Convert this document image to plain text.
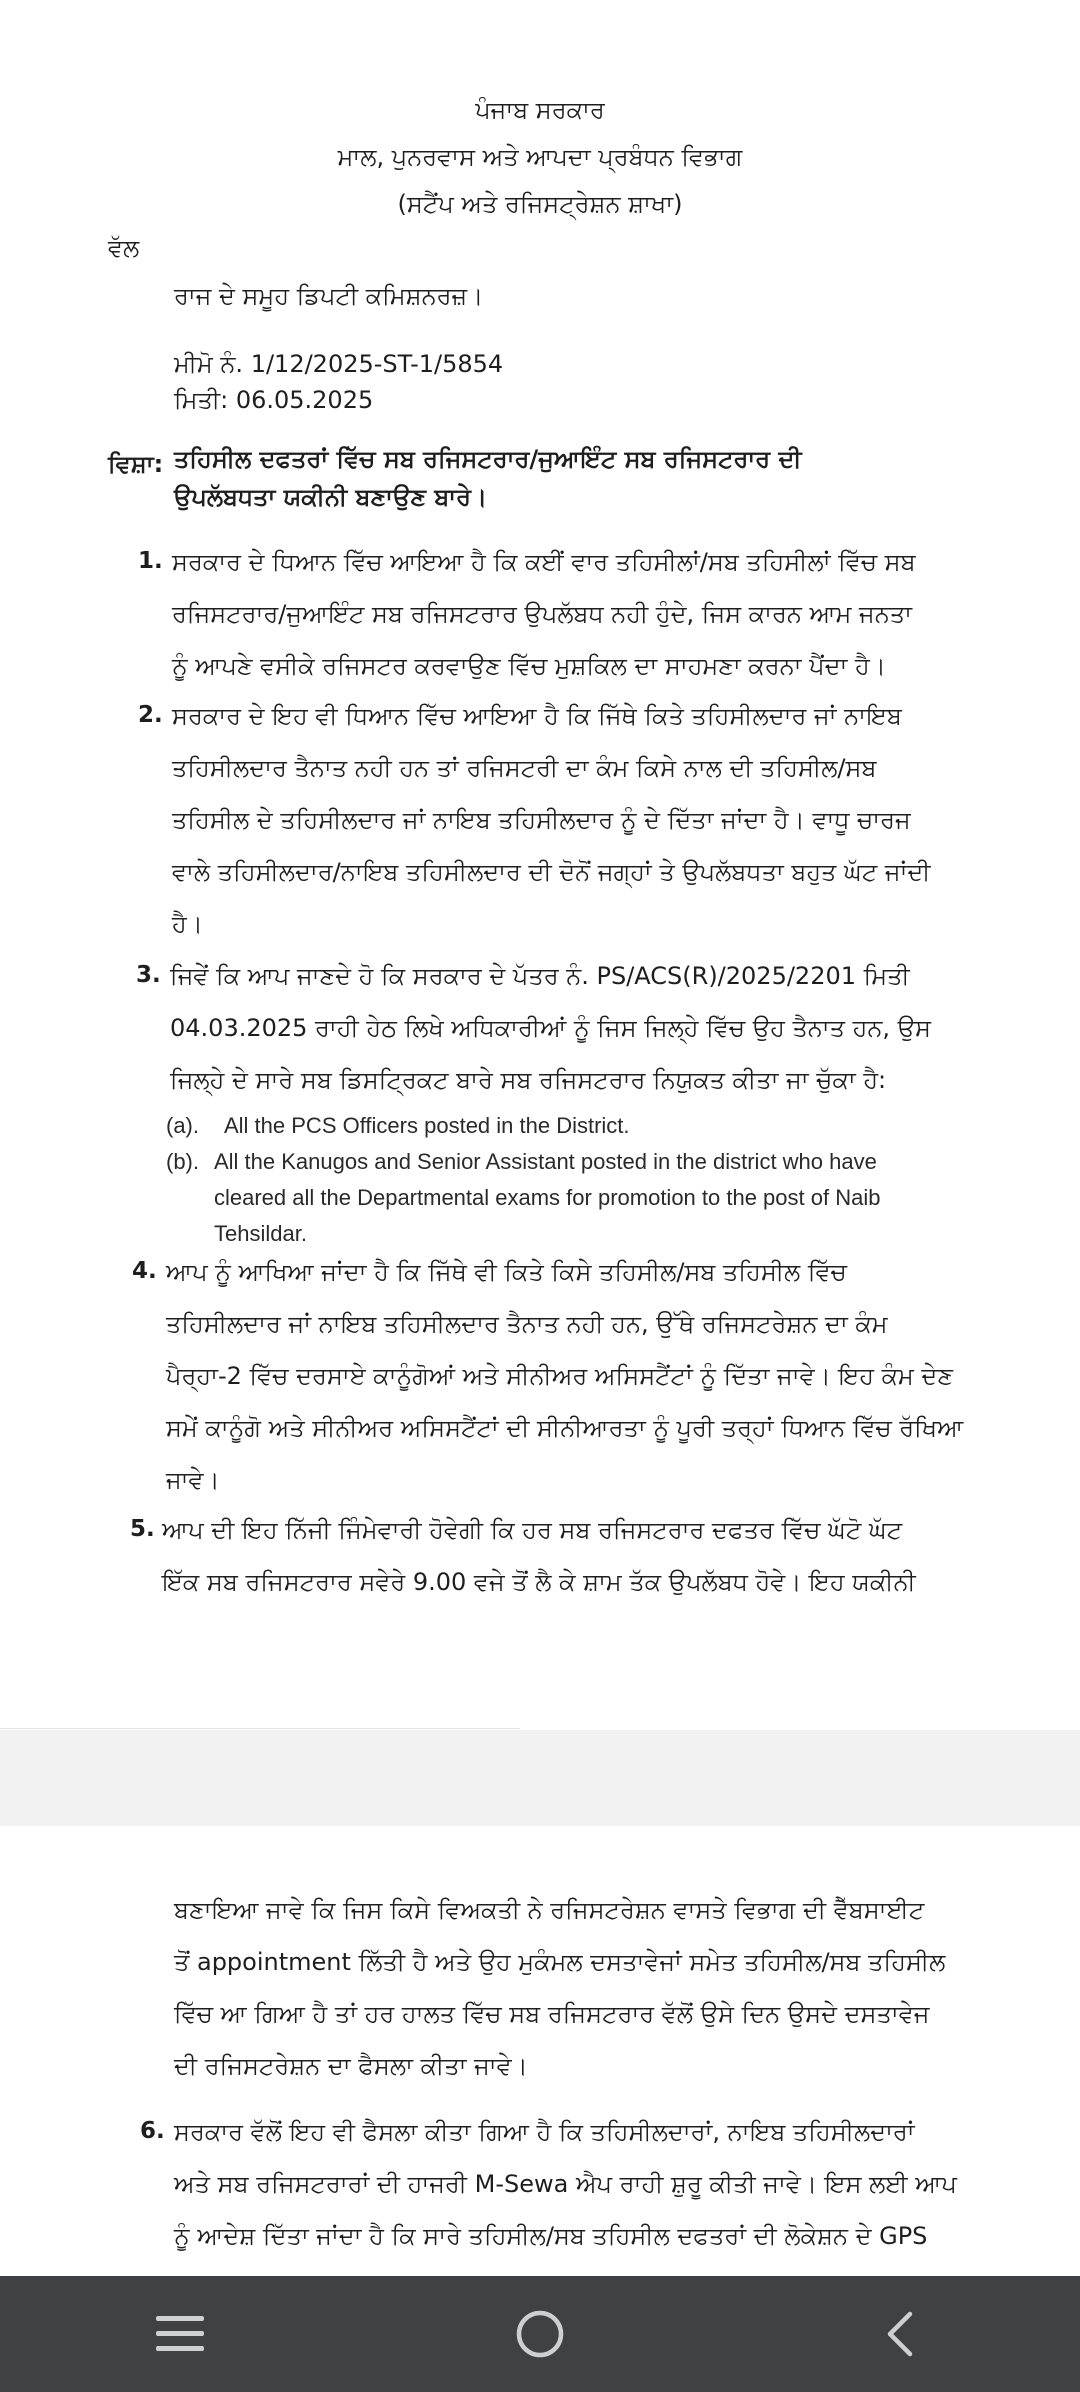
ਪੰਜਾਬ ਸਰਕਾਰ
ਮਾਲ, ਪੁਨਰਵਾਸ ਅਤੇ ਆਪਦਾ ਪ੍ਰਬੰਧਨ ਵਿਭਾਗ
(ਸਟੈਂਪ ਅਤੇ ਰਜਿਸਟ੍ਰੇਸ਼ਨ ਸ਼ਾਖਾ)
ਵੱਲ
ਰਾਜ ਦੇ ਸਮੂਹ ਡਿਪਟੀ ਕਮਿਸ਼ਨਰਜ਼।
ਮੀਮੋ ਨੰ. 1/12/2025-ST-1/5854
ਮਿਤੀ: 06.05.2025
ਵਿਸ਼ਾ: ਤਹਿਸੀਲ ਦਫਤਰਾਂ ਵਿੱਚ ਸਬ ਰਜਿਸਟਰਾਰ/ਜੁਆਇੰਟ ਸਬ ਰਜਿਸਟਰਾਰ ਦੀ
ਉਪਲੱਬਧਤਾ ਯਕੀਨੀ ਬਣਾਉਣ ਬਾਰੇ।
1. ਸਰਕਾਰ ਦੇ ਧਿਆਨ ਵਿੱਚ ਆਇਆ ਹੈ ਕਿ ਕਈਂ ਵਾਰ ਤਹਿਸੀਲਾਂ/ਸਬ ਤਹਿਸੀਲਾਂ ਵਿੱਚ ਸਬ
ਰਜਿਸਟਰਾਰ/ਜੁਆਇੰਟ ਸਬ ਰਜਿਸਟਰਾਰ ਉਪਲੱਬਧ ਨਹੀ ਹੁੰਦੇ, ਜਿਸ ਕਾਰਨ ਆਮ ਜਨਤਾ
ਨੂੰ ਆਪਣੇ ਵਸੀਕੇ ਰਜਿਸਟਰ ਕਰਵਾਉਣ ਵਿੱਚ ਮੁਸ਼ਕਿਲ ਦਾ ਸਾਹਮਣਾ ਕਰਨਾ ਪੈਂਦਾ ਹੈ।
2. ਸਰਕਾਰ ਦੇ ਇਹ ਵੀ ਧਿਆਨ ਵਿੱਚ ਆਇਆ ਹੈ ਕਿ ਜਿੱਥੇ ਕਿਤੇ ਤਹਿਸੀਲਦਾਰ ਜਾਂ ਨਾਇਬ
ਤਹਿਸੀਲਦਾਰ ਤੈਨਾਤ ਨਹੀ ਹਨ ਤਾਂ ਰਜਿਸਟਰੀ ਦਾ ਕੰਮ ਕਿਸੇ ਨਾਲ ਦੀ ਤਹਿਸੀਲ/ਸਬ
ਤਹਿਸੀਲ ਦੇ ਤਹਿਸੀਲਦਾਰ ਜਾਂ ਨਾਇਬ ਤਹਿਸੀਲਦਾਰ ਨੂੰ ਦੇ ਦਿੱਤਾ ਜਾਂਦਾ ਹੈ। ਵਾਧੂ ਚਾਰਜ
ਵਾਲੇ ਤਹਿਸੀਲਦਾਰ/ਨਾਇਬ ਤਹਿਸੀਲਦਾਰ ਦੀ ਦੋਨੋਂ ਜਗ੍ਹਾਂ ਤੇ ਉਪਲੱਬਧਤਾ ਬਹੁਤ ਘੱਟ ਜਾਂਦੀ
ਹੈ।
3. ਜਿਵੇਂ ਕਿ ਆਪ ਜਾਣਦੇ ਹੋ ਕਿ ਸਰਕਾਰ ਦੇ ਪੱਤਰ ਨੰ. PS/ACS(R)/2025/2201 ਮਿਤੀ
04.03.2025 ਰਾਹੀ ਹੇਠ ਲਿਖੇ ਅਧਿਕਾਰੀਆਂ ਨੂੰ ਜਿਸ ਜਿਲ੍ਹੇ ਵਿੱਚ ਉਹ ਤੈਨਾਤ ਹਨ, ਉਸ
ਜਿਲ੍ਹੇ ਦੇ ਸਾਰੇ ਸਬ ਡਿਸਟ੍ਰਿਕਟ ਬਾਰੇ ਸਬ ਰਜਿਸਟਰਾਰ ਨਿਯੁਕਤ ਕੀਤਾ ਜਾ ਚੁੱਕਾ ਹੈ:
(a). All the PCS Officers posted in the District.
(b). All the Kanugos and Senior Assistant posted in the district who have
cleared all the Departmental exams for promotion to the post of Naib
Tehsildar.
4. ਆਪ ਨੂੰ ਆਖਿਆ ਜਾਂਦਾ ਹੈ ਕਿ ਜਿੱਥੇ ਵੀ ਕਿਤੇ ਕਿਸੇ ਤਹਿਸੀਲ/ਸਬ ਤਹਿਸੀਲ ਵਿੱਚ
ਤਹਿਸੀਲਦਾਰ ਜਾਂ ਨਾਇਬ ਤਹਿਸੀਲਦਾਰ ਤੈਨਾਤ ਨਹੀ ਹਨ, ਉੱਥੇ ਰਜਿਸਟਰੇਸ਼ਨ ਦਾ ਕੰਮ
ਪੈਰ੍ਹਾ-2 ਵਿੱਚ ਦਰਸਾਏ ਕਾਨੂੰਗੋਆਂ ਅਤੇ ਸੀਨੀਅਰ ਅਸਿਸਟੈਂਟਾਂ ਨੂੰ ਦਿੱਤਾ ਜਾਵੇ। ਇਹ ਕੰਮ ਦੇਣ
ਸਮੇਂ ਕਾਨੂੰਗੋ ਅਤੇ ਸੀਨੀਅਰ ਅਸਿਸਟੈਂਟਾਂ ਦੀ ਸੀਨੀਆਰਤਾ ਨੂੰ ਪੂਰੀ ਤਰ੍ਹਾਂ ਧਿਆਨ ਵਿੱਚ ਰੱਖਿਆ
ਜਾਵੇ।
5. ਆਪ ਦੀ ਇਹ ਨਿੱਜੀ ਜਿੰਮੇਵਾਰੀ ਹੋਵੇਗੀ ਕਿ ਹਰ ਸਬ ਰਜਿਸਟਰਾਰ ਦਫਤਰ ਵਿੱਚ ਘੱਟੋ ਘੱਟ
ਇੱਕ ਸਬ ਰਜਿਸਟਰਾਰ ਸਵੇਰੇ 9.00 ਵਜੇ ਤੋਂ ਲੈ ਕੇ ਸ਼ਾਮ ਤੱਕ ਉਪਲੱਬਧ ਹੋਵੇ। ਇਹ ਯਕੀਨੀ
ਬਣਾਇਆ ਜਾਵੇ ਕਿ ਜਿਸ ਕਿਸੇ ਵਿਅਕਤੀ ਨੇ ਰਜਿਸਟਰੇਸ਼ਨ ਵਾਸਤੇ ਵਿਭਾਗ ਦੀ ਵੈੱਬਸਾਈਟ
ਤੋਂ appointment ਲਿੱਤੀ ਹੈ ਅਤੇ ਉਹ ਮੁਕੰਮਲ ਦਸਤਾਵੇਜਾਂ ਸਮੇਤ ਤਹਿਸੀਲ/ਸਬ ਤਹਿਸੀਲ
ਵਿੱਚ ਆ ਗਿਆ ਹੈ ਤਾਂ ਹਰ ਹਾਲਤ ਵਿੱਚ ਸਬ ਰਜਿਸਟਰਾਰ ਵੱਲੋਂ ਉਸੇ ਦਿਨ ਉਸਦੇ ਦਸਤਾਵੇਜ
ਦੀ ਰਜਿਸਟਰੇਸ਼ਨ ਦਾ ਫੈਸਲਾ ਕੀਤਾ ਜਾਵੇ।
6. ਸਰਕਾਰ ਵੱਲੋਂ ਇਹ ਵੀ ਫੈਸਲਾ ਕੀਤਾ ਗਿਆ ਹੈ ਕਿ ਤਹਿਸੀਲਦਾਰਾਂ, ਨਾਇਬ ਤਹਿਸੀਲਦਾਰਾਂ
ਅਤੇ ਸਬ ਰਜਿਸਟਰਾਰਾਂ ਦੀ ਹਾਜਰੀ M-Sewa ਐਪ ਰਾਹੀ ਸ਼ੁਰੂ ਕੀਤੀ ਜਾਵੇ। ਇਸ ਲਈ ਆਪ
ਨੂੰ ਆਦੇਸ਼ ਦਿੱਤਾ ਜਾਂਦਾ ਹੈ ਕਿ ਸਾਰੇ ਤਹਿਸੀਲ/ਸਬ ਤਹਿਸੀਲ ਦਫਤਰਾਂ ਦੀ ਲੋਕੇਸ਼ਨ ਦੇ GPS
